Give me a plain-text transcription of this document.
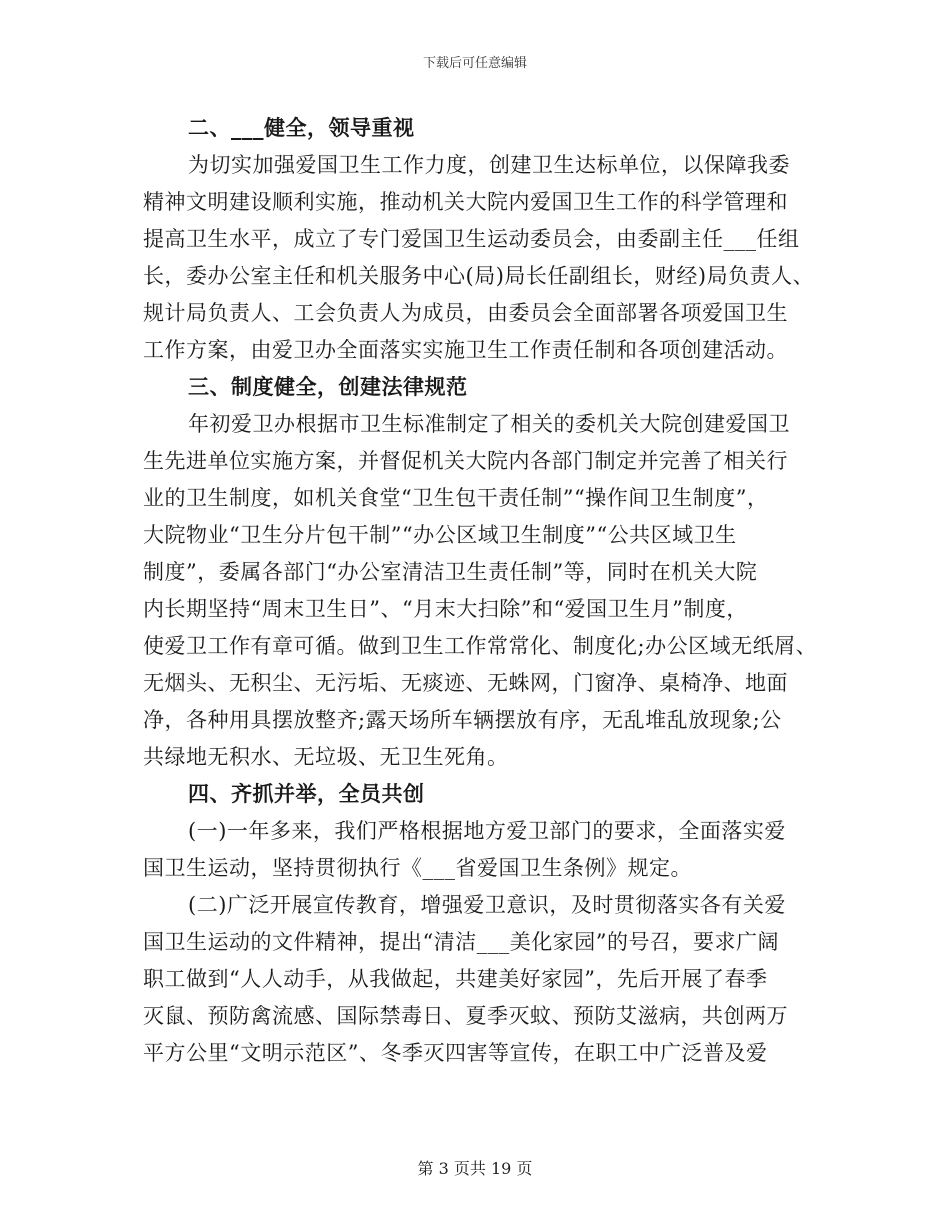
下载后可任意编辑
二、___健全，领导重视
为切实加强爱国卫生工作力度，创建卫生达标单位，以保障我委
精神文明建设顺利实施，推动机关大院内爱国卫生工作的科学管理和
提高卫生水平，成立了专门爱国卫生运动委员会，由委副主任___任组
长，委办公室主任和机关服务中心(局)局长任副组长，财经)局负责人、
规计局负责人、工会负责人为成员，由委员会全面部署各项爱国卫生
工作方案，由爱卫办全面落实实施卫生工作责任制和各项创建活动。
三、制度健全，创建法律规范
年初爱卫办根据市卫生标准制定了相关的委机关大院创建爱国卫
生先进单位实施方案，并督促机关大院内各部门制定并完善了相关行
业的卫生制度，如机关食堂“卫生包干责任制”“操作间卫生制度”，
大院物业“卫生分片包干制”“办公区域卫生制度”“公共区域卫生
制度”，委属各部门“办公室清洁卫生责任制”等，同时在机关大院
内长期坚持“周末卫生日”、“月末大扫除”和“爱国卫生月”制度，
使爱卫工作有章可循。做到卫生工作常常化、制度化;办公区域无纸屑、
无烟头、无积尘、无污垢、无痰迹、无蛛网，门窗净、桌椅净、地面
净，各种用具摆放整齐;露天场所车辆摆放有序，无乱堆乱放现象;公
共绿地无积水、无垃圾、无卫生死角。
四、齐抓并举，全员共创
(一)一年多来，我们严格根据地方爱卫部门的要求，全面落实爱
国卫生运动，坚持贯彻执行《___省爱国卫生条例》规定。
(二)广泛开展宣传教育，增强爱卫意识，及时贯彻落实各有关爱
国卫生运动的文件精神，提出“清洁___美化家园”的号召，要求广阔
职工做到“人人动手，从我做起，共建美好家园”，先后开展了春季
灭鼠、预防禽流感、国际禁毒日、夏季灭蚊、预防艾滋病，共创两万
平方公里“文明示范区”、冬季灭四害等宣传，在职工中广泛普及爱
第 3 页共 19 页
